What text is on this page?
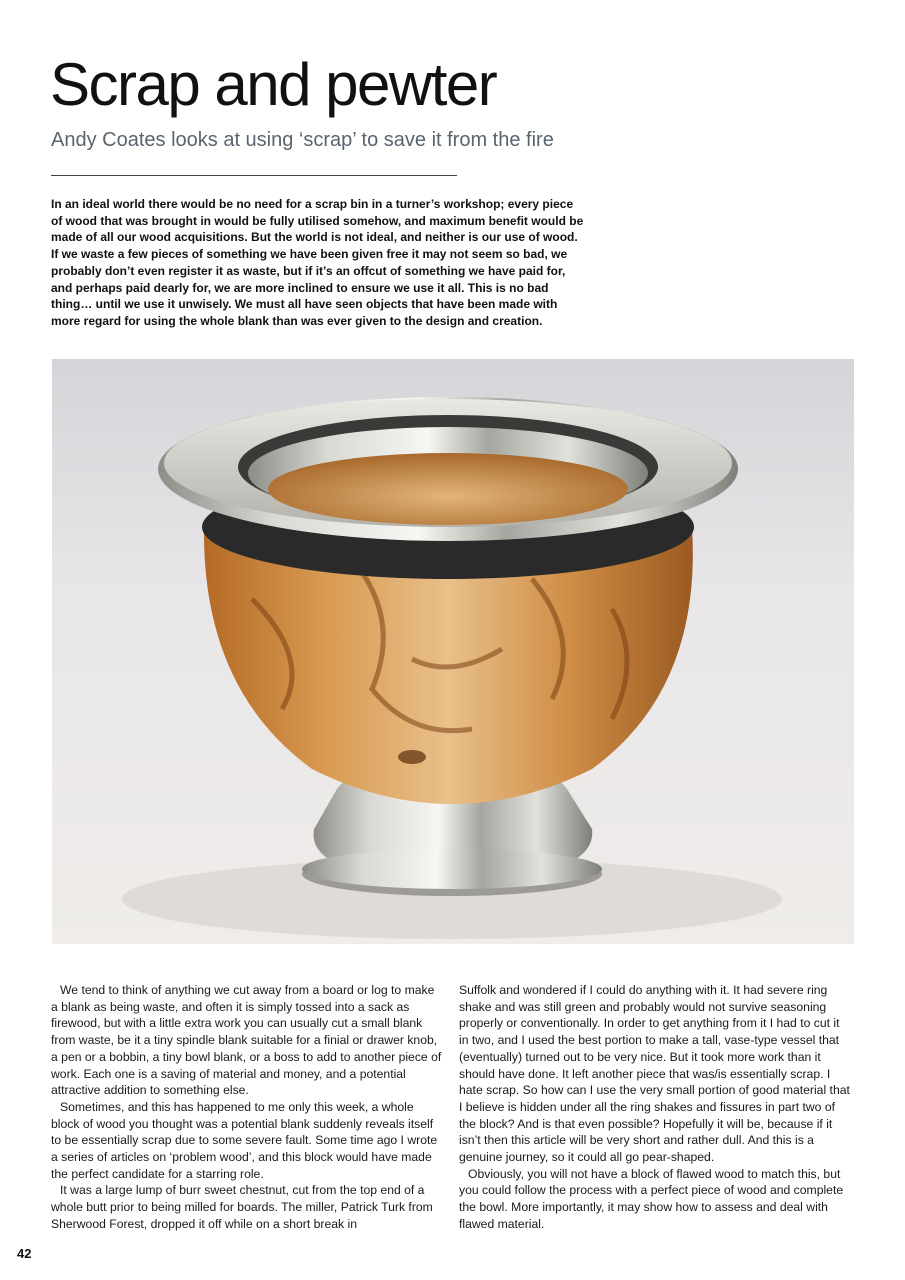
Scrap and pewter
Andy Coates looks at using ‘scrap’ to save it from the fire

In an ideal world there would be no need for a scrap bin in a turner’s workshop; every piece of wood that was brought in would be fully utilised somehow, and maximum benefit would be made of all our wood acquisitions. But the world is not ideal, and neither is our use of wood. If we waste a few pieces of something we have been given free it may not seem so bad, we probably don’t even register it as waste, but if it’s an offcut of something we have paid for, and perhaps paid dearly for, we are more inclined to ensure we use it all. This is no bad thing… until we use it unwisely. We must all have seen objects that have been made with more regard for using the whole blank than was ever given to the design and creation.

We tend to think of anything we cut away from a board or log to make a blank as being waste, and often it is simply tossed into a sack as firewood, but with a little extra work you can usually cut a small blank from waste, be it a tiny spindle blank suitable for a finial or drawer knob, a pen or a bobbin, a tiny bowl blank, or a boss to add to another piece of work. Each one is a saving of material and money, and a potential attractive addition to something else.

Sometimes, and this has happened to me only this week, a whole block of wood you thought was a potential blank suddenly reveals itself to be essentially scrap due to some severe fault. Some time ago I wrote a series of articles on ‘problem wood’, and this block would have made the perfect candidate for a starring role.

It was a large lump of burr sweet chestnut, cut from the top end of a whole butt prior to being milled for boards. The miller, Patrick Turk from Sherwood Forest, dropped it off while on a short break in

Suffolk and wondered if I could do anything with it. It had severe ring shake and was still green and probably would not survive seasoning properly or conventionally. In order to get anything from it I had to cut it in two, and I used the best portion to make a tall, vase-type vessel that (eventually) turned out to be very nice. But it took more work than it should have done. It left another piece that was/is essentially scrap. I hate scrap. So how can I use the very small portion of good material that I believe is hidden under all the ring shakes and fissures in part two of the block? And is that even possible? Hopefully it will be, because if it isn’t then this article will be very short and rather dull. And this is a genuine journey, so it could all go pear-shaped.

Obviously, you will not have a block of flawed wood to match this, but you could follow the process with a perfect piece of wood and complete the bowl. More importantly, it may show how to assess and deal with flawed material.

42
